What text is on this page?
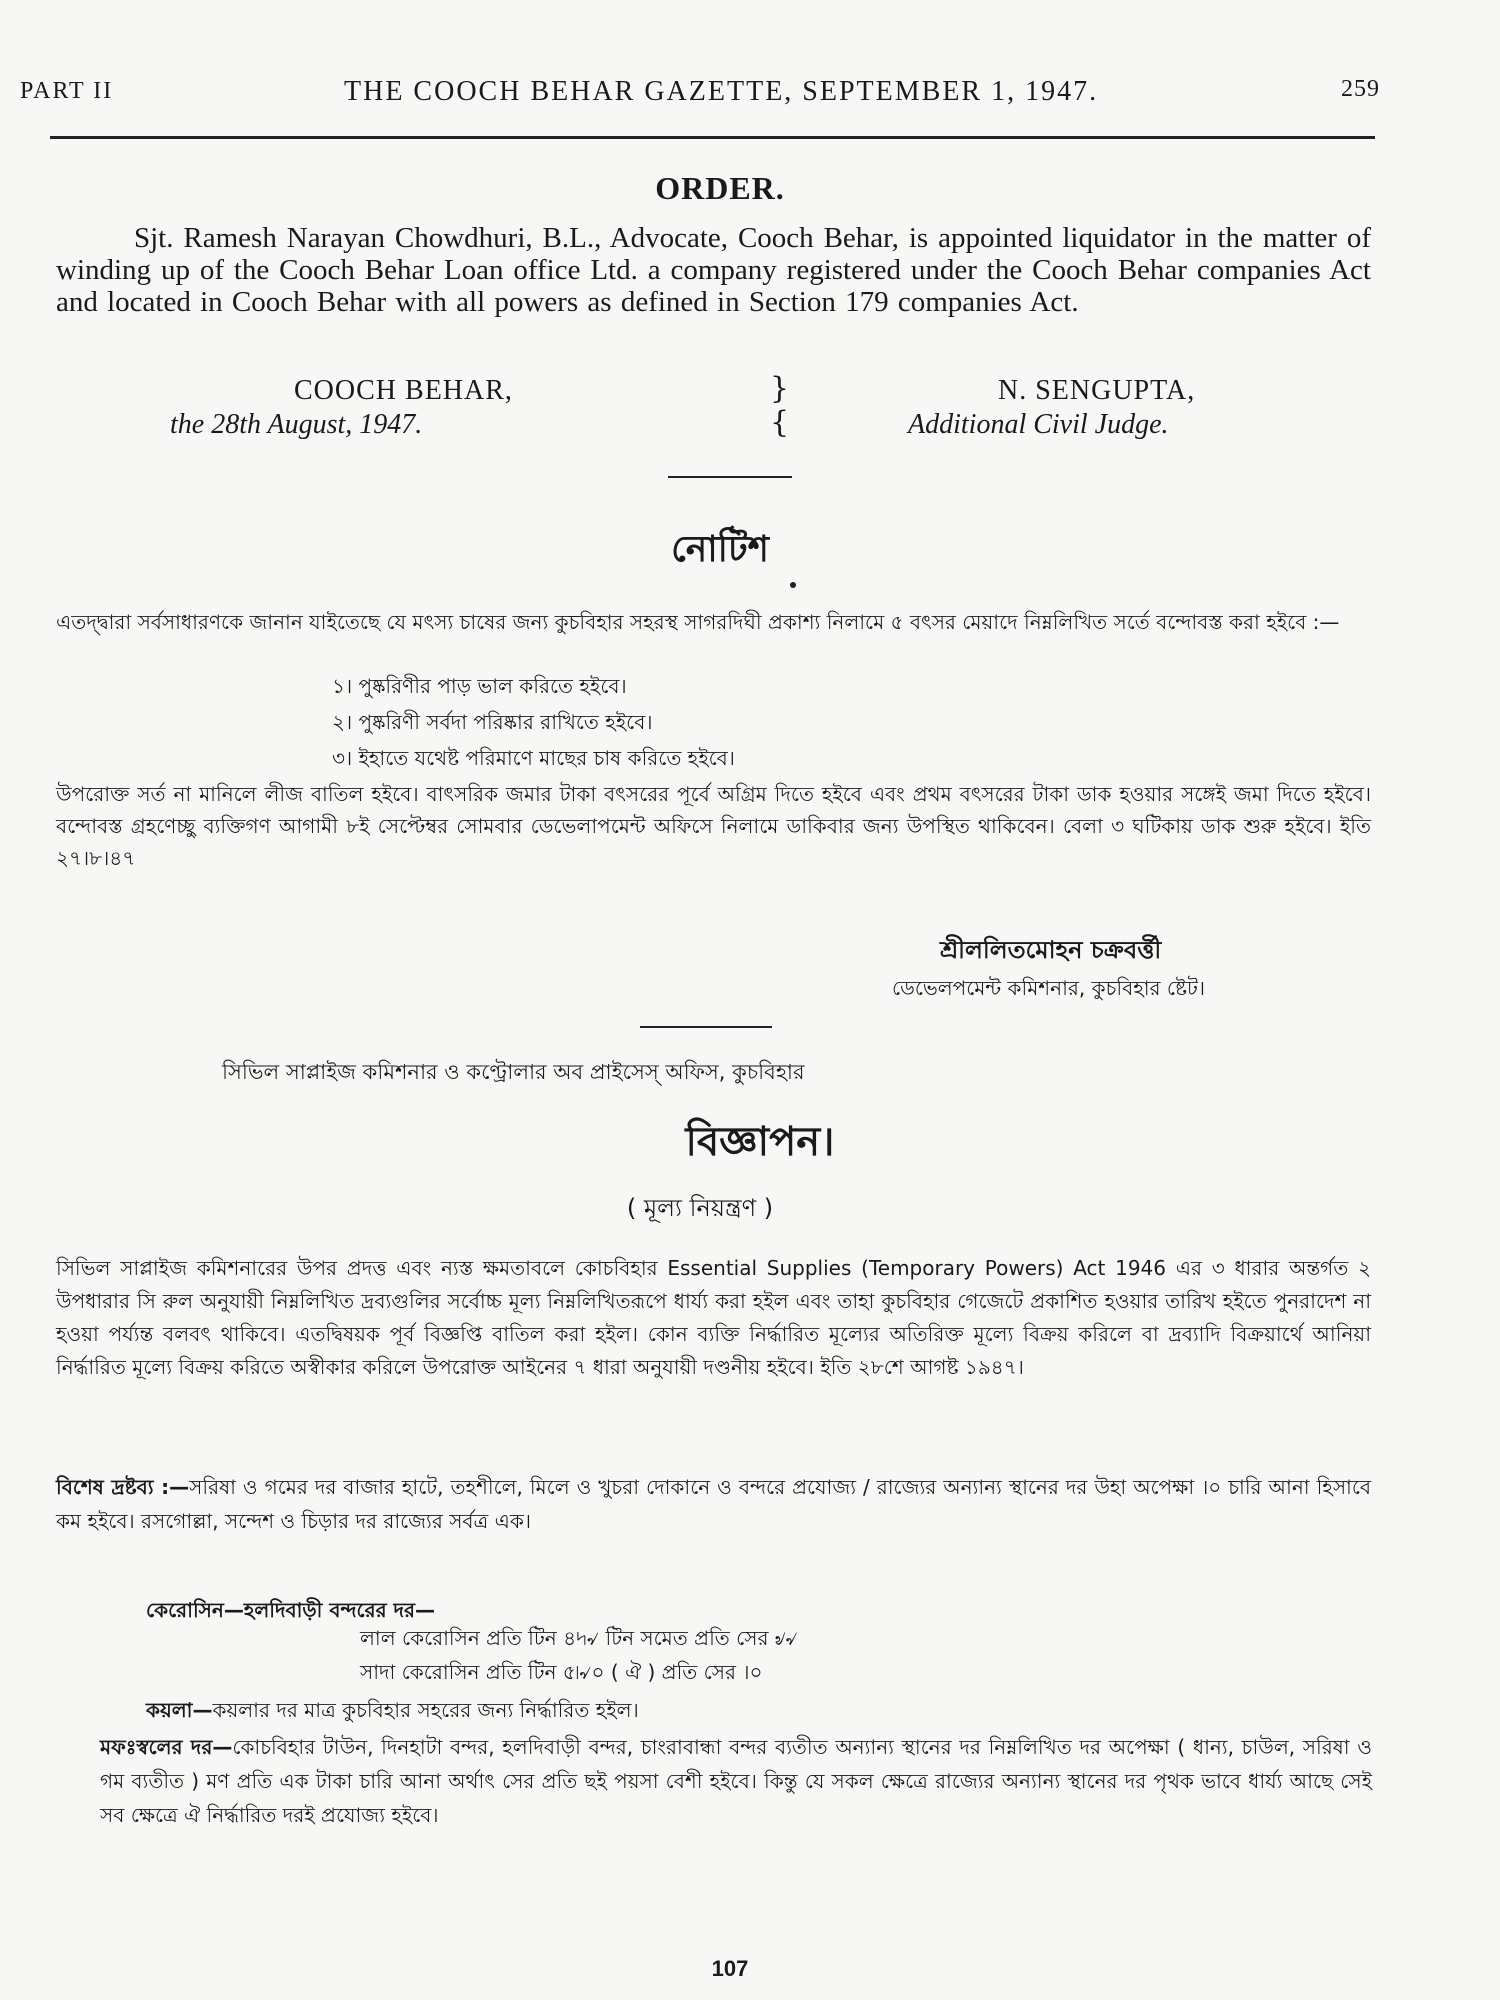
PART II	THE COOCH BEHAR GAZETTE, SEPTEMBER 1, 1947.	259
ORDER.
Sjt. Ramesh Narayan Chowdhuri, B.L., Advocate, Cooch Behar, is appointed liquidator in the matter of winding up of the Cooch Behar Loan office Ltd. a company registered under the Cooch Behar companies Act and located in Cooch Behar with all powers as defined in Section 179 companies Act.
COOCH BEHAR,
the 28th August, 1947.
}
{
N. SENGUPTA,
Additional Civil Judge.
নোটিশ
এতদ্দ্বারা সর্বসাধারণকে জানান যাইতেছে যে মৎস্য চাষের জন্য কুচবিহার সহরস্থ সাগরদিঘী প্রকাশ্য নিলামে ৫ বৎসর মেয়াদে নিম্নলিখিত সর্তে বন্দোবস্ত করা হইবে :—
১। পুষ্করিণীর পাড় ভাল করিতে হইবে।
২। পুষ্করিণী সর্বদা পরিষ্কার রাখিতে হইবে।
৩। ইহাতে যথেষ্ট পরিমাণে মাছের চাষ করিতে হইবে।
উপরোক্ত সর্ত না মানিলে লীজ বাতিল হইবে। বাৎসরিক জমার টাকা বৎসরের পূর্বে অগ্রিম দিতে হইবে এবং প্রথম বৎসরের টাকা ডাক হওয়ার সঙ্গেই জমা দিতে হইবে। বন্দোবস্ত গ্রহণেচ্ছু ব্যক্তিগণ আগামী ৮ই সেপ্টেম্বর সোমবার ডেভেলাপমেন্ট অফিসে নিলামে ডাকিবার জন্য উপস্থিত থাকিবেন। বেলা ৩ ঘটিকায় ডাক শুরু হইবে। ইতি ২৭।৮।৪৭
শ্রীললিতমোহন চক্রবর্ত্তী
ডেভেলপমেন্ট কমিশনার, কুচবিহার ষ্টেট।
সিভিল সাপ্লাইজ কমিশনার ও কণ্ট্রোলার অব প্রাইসেস্ অফিস, কুচবিহার
বিজ্ঞাপন।
( মূল্য নিয়ন্ত্রণ )
সিভিল সাপ্লাইজ কমিশনারের উপর প্রদত্ত এবং ন্যস্ত ক্ষমতাবলে কোচবিহার Essential Supplies (Temporary Powers) Act 1946 এর ৩ ধারার অন্তর্গত ২ উপধারার সি রুল অনুযায়ী নিম্নলিখিত দ্রব্যগুলির সর্বোচ্চ মূল্য নিম্নলিখিতরূপে ধার্য্য করা হইল এবং তাহা কুচবিহার গেজেটে প্রকাশিত হওয়ার তারিখ হইতে পুনরাদেশ না হওয়া পর্য্যন্ত বলবৎ থাকিবে। এতদ্বিষয়ক পূর্ব বিজ্ঞপ্তি বাতিল করা হইল। কোন ব্যক্তি নির্দ্ধারিত মূল্যের অতিরিক্ত মূল্যে বিক্রয় করিলে বা দ্রব্যাদি বিক্রয়ার্থে আনিয়া নির্দ্ধারিত মূল্যে বিক্রয় করিতে অস্বীকার করিলে উপরোক্ত আইনের ৭ ধারা অনুযায়ী দণ্ডনীয় হইবে। ইতি ২৮শে আগষ্ট ১৯৪৭।
বিশেষ দ্রষ্টব্য :—সরিষা ও গমের দর বাজার হাটে, তহশীলে, মিলে ও খুচরা দোকানে ও বন্দরে প্রযোজ্য / রাজ্যের অন্যান্য স্থানের দর উহা অপেক্ষা ।০ চারি আনা হিসাবে কম হইবে। রসগোল্লা, সন্দেশ ও চিড়ার দর রাজ্যের সর্বত্র এক।
কেরোসিন—হলদিবাড়ী বন্দরের দর—
লাল কেরোসিন প্রতি টিন ৪৸৵ টিন সমেত প্রতি সের ৶৵
সাদা কেরোসিন প্রতি টিন ৫৷৵০ ( ঐ ) প্রতি সের ।০
কয়লা—কয়লার দর মাত্র কুচবিহার সহরের জন্য নির্দ্ধারিত হইল।
মফঃস্বলের দর—কোচবিহার টাউন, দিনহাটা বন্দর, হলদিবাড়ী বন্দর, চাংরাবান্ধা বন্দর ব্যতীত অন্যান্য স্থানের দর নিম্নলিখিত দর অপেক্ষা ( ধান্য, চাউল, সরিষা ও গম ব্যতীত ) মণ প্রতি এক টাকা চারি আনা অর্থাৎ সের প্রতি ছই পয়সা বেশী হইবে। কিন্তু যে সকল ক্ষেত্রে রাজ্যের অন্যান্য স্থানের দর পৃথক ভাবে ধার্য্য আছে সেই সব ক্ষেত্রে ঐ নির্দ্ধারিত দরই প্রযোজ্য হইবে।
107
